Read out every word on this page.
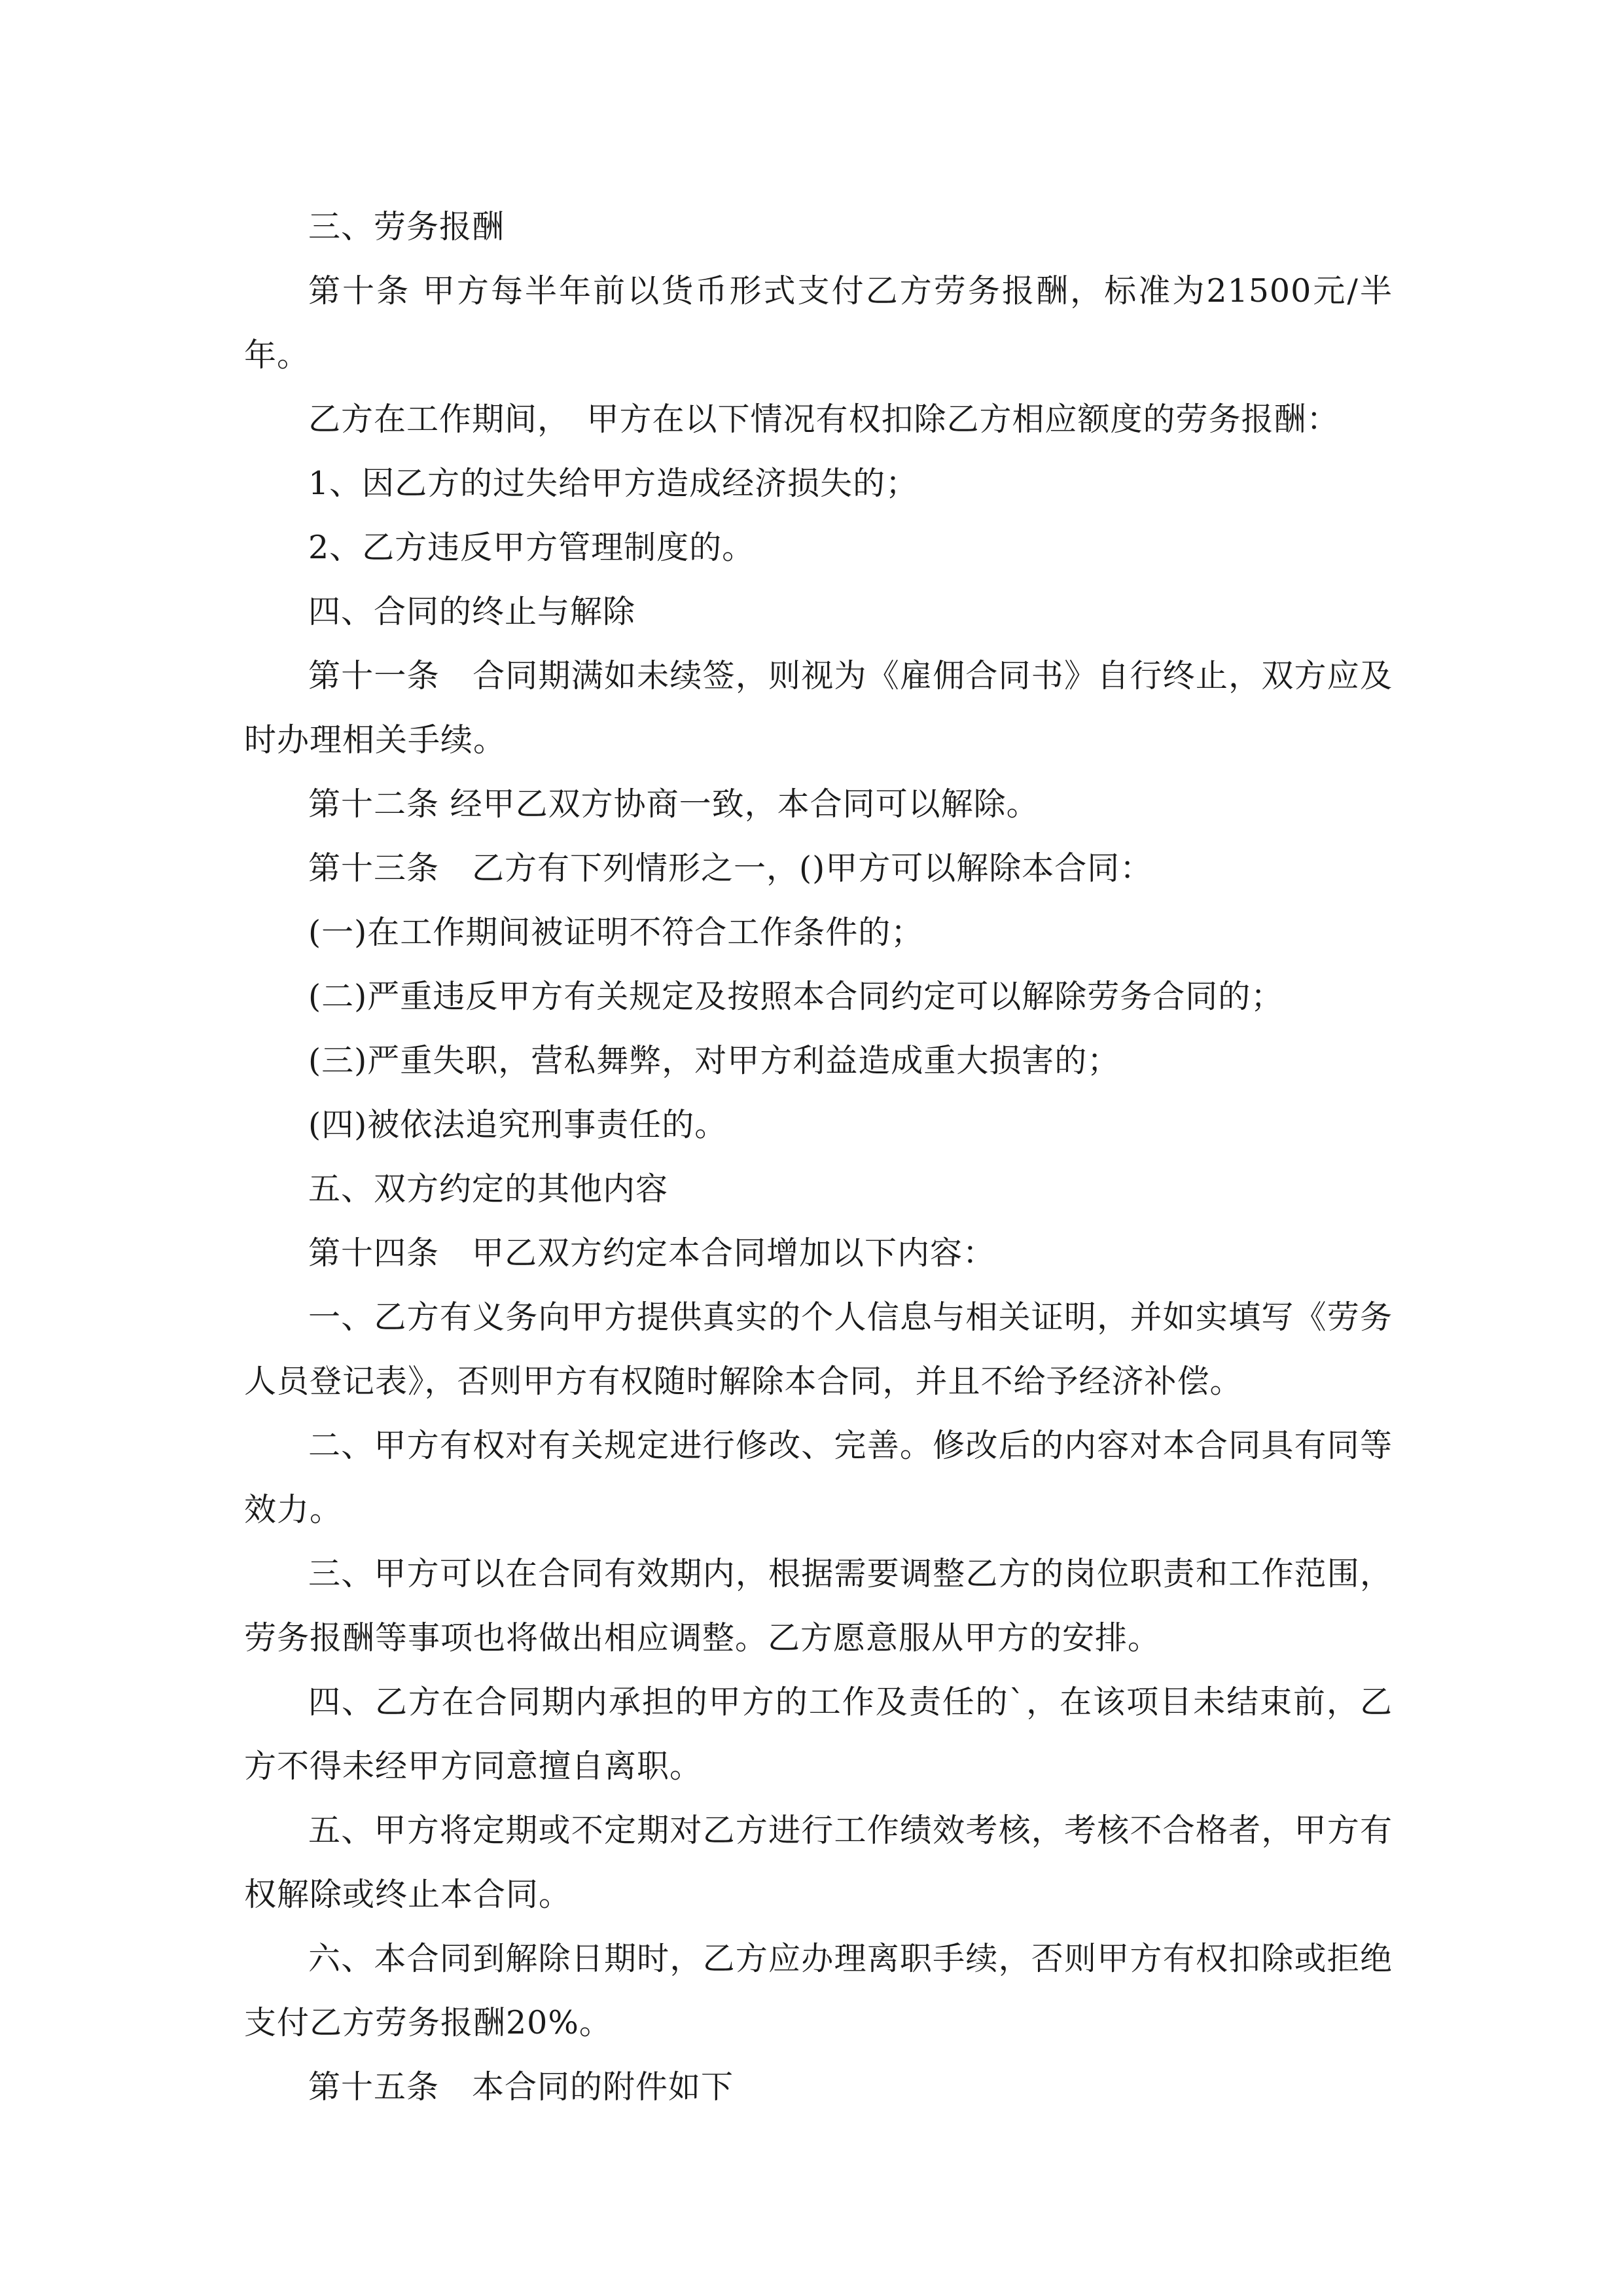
三、劳务报酬

第十条 甲方每半年前以货币形式支付乙方劳务报酬，标准为21500元/半年。

乙方在工作期间，　甲方在以下情况有权扣除乙方相应额度的劳务报酬：

1、因乙方的过失给甲方造成经济损失的；

2、乙方违反甲方管理制度的。

四、合同的终止与解除

第十一条　合同期满如未续签，则视为《雇佣合同书》自行终止，双方应及时办理相关手续。

第十二条 经甲乙双方协商一致，本合同可以解除。

第十三条　乙方有下列情形之一，()甲方可以解除本合同：

(一)在工作期间被证明不符合工作条件的；

(二)严重违反甲方有关规定及按照本合同约定可以解除劳务合同的；

(三)严重失职，营私舞弊，对甲方利益造成重大损害的；

(四)被依法追究刑事责任的。

五、双方约定的其他内容

第十四条　甲乙双方约定本合同增加以下内容：

一、乙方有义务向甲方提供真实的个人信息与相关证明，并如实填写《劳务人员登记表》，否则甲方有权随时解除本合同，并且不给予经济补偿。

二、甲方有权对有关规定进行修改、完善。修改后的内容对本合同具有同等效力。

三、甲方可以在合同有效期内，根据需要调整乙方的岗位职责和工作范围，劳务报酬等事项也将做出相应调整。乙方愿意服从甲方的安排。

四、乙方在合同期内承担的甲方的工作及责任的`，在该项目未结束前，乙方不得未经甲方同意擅自离职。

五、甲方将定期或不定期对乙方进行工作绩效考核，考核不合格者，甲方有权解除或终止本合同。

六、本合同到解除日期时，乙方应办理离职手续，否则甲方有权扣除或拒绝支付乙方劳务报酬20%。

第十五条　本合同的附件如下
